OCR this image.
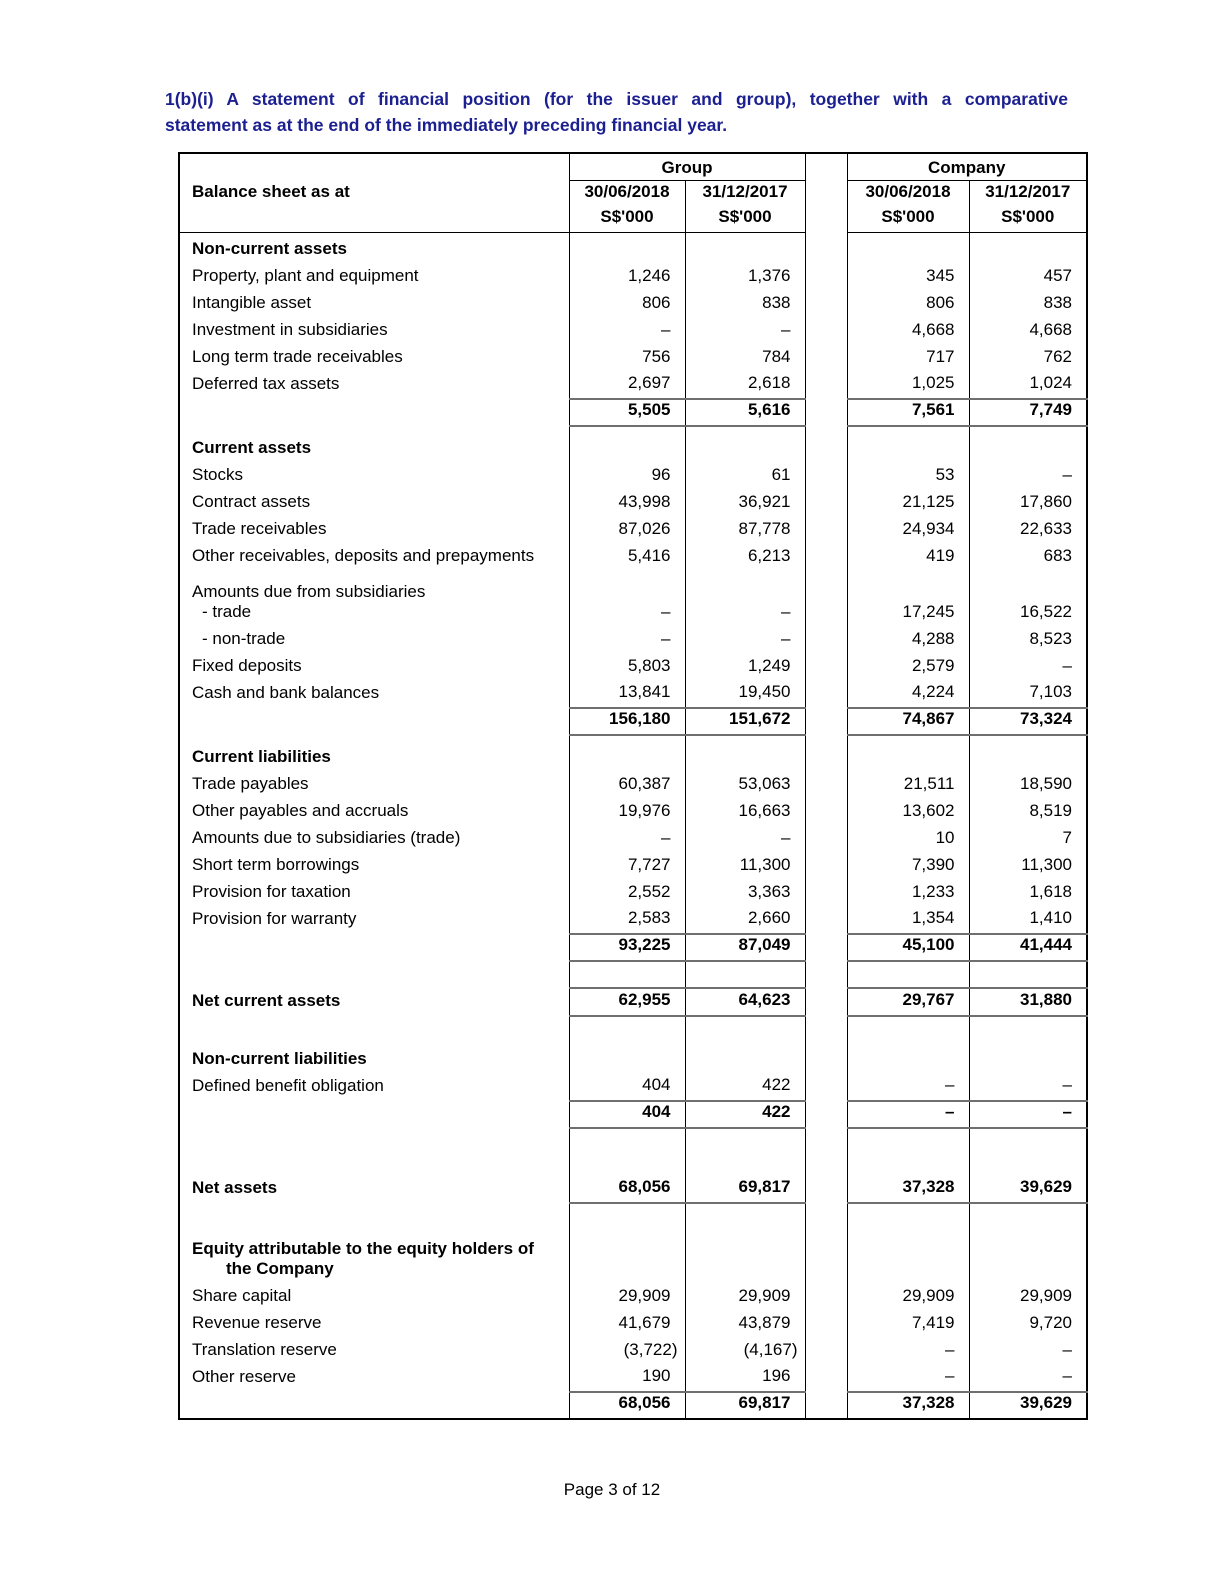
1(b)(i) A statement of financial position (for the issuer and group), together with a comparative
statement as at the end of the immediately preceding financial year.
Balance sheet as at	Group			Company	
	30/06/2018	31/12/2017		30/06/2018	31/12/2017
	S$'000	S$'000		S$'000	S$'000
Non-current assets					
Property, plant and equipment	1,246	1,376		345	457
Intangible asset	806	838		806	838
Investment in subsidiaries	–	–		4,668	4,668
Long term trade receivables	756	784		717	762
Deferred tax assets	2,697	2,618		1,025	1,024
	5,505	5,616		7,561	7,749
Current assets					
Stocks	96	61		53	–
Contract assets	43,998	36,921		21,125	17,860
Trade receivables	87,026	87,778		24,934	22,633
Other receivables, deposits and prepayments	5,416	6,213		419	683
Amounts due from subsidiaries					
- trade	–	–		17,245	16,522
- non-trade	–	–		4,288	8,523
Fixed deposits	5,803	1,249		2,579	–
Cash and bank balances	13,841	19,450		4,224	7,103
	156,180	151,672		74,867	73,324
Current liabilities					
Trade payables	60,387	53,063		21,511	18,590
Other payables and accruals	19,976	16,663		13,602	8,519
Amounts due to subsidiaries (trade)	–	–		10	7
Short term borrowings	7,727	11,300		7,390	11,300
Provision for taxation	2,552	3,363		1,233	1,618
Provision for warranty	2,583	2,660		1,354	1,410
	93,225	87,049		45,100	41,444

Net current assets	62,955	64,623		29,767	31,880

Non-current liabilities					
Defined benefit obligation	404	422		–	–
	404	422		–	–

Net assets	68,056	69,817		37,328	39,629

Equity attributable to the equity holders of
the Company					

Share capital	29,909	29,909		29,909	29,909
Revenue reserve	41,679	43,879		7,419	9,720
Translation reserve	(3,722)	(4,167)		–	–
Other reserve	190	196		–	–
	68,056	69,817		37,328	39,629
Page 3 of 12
